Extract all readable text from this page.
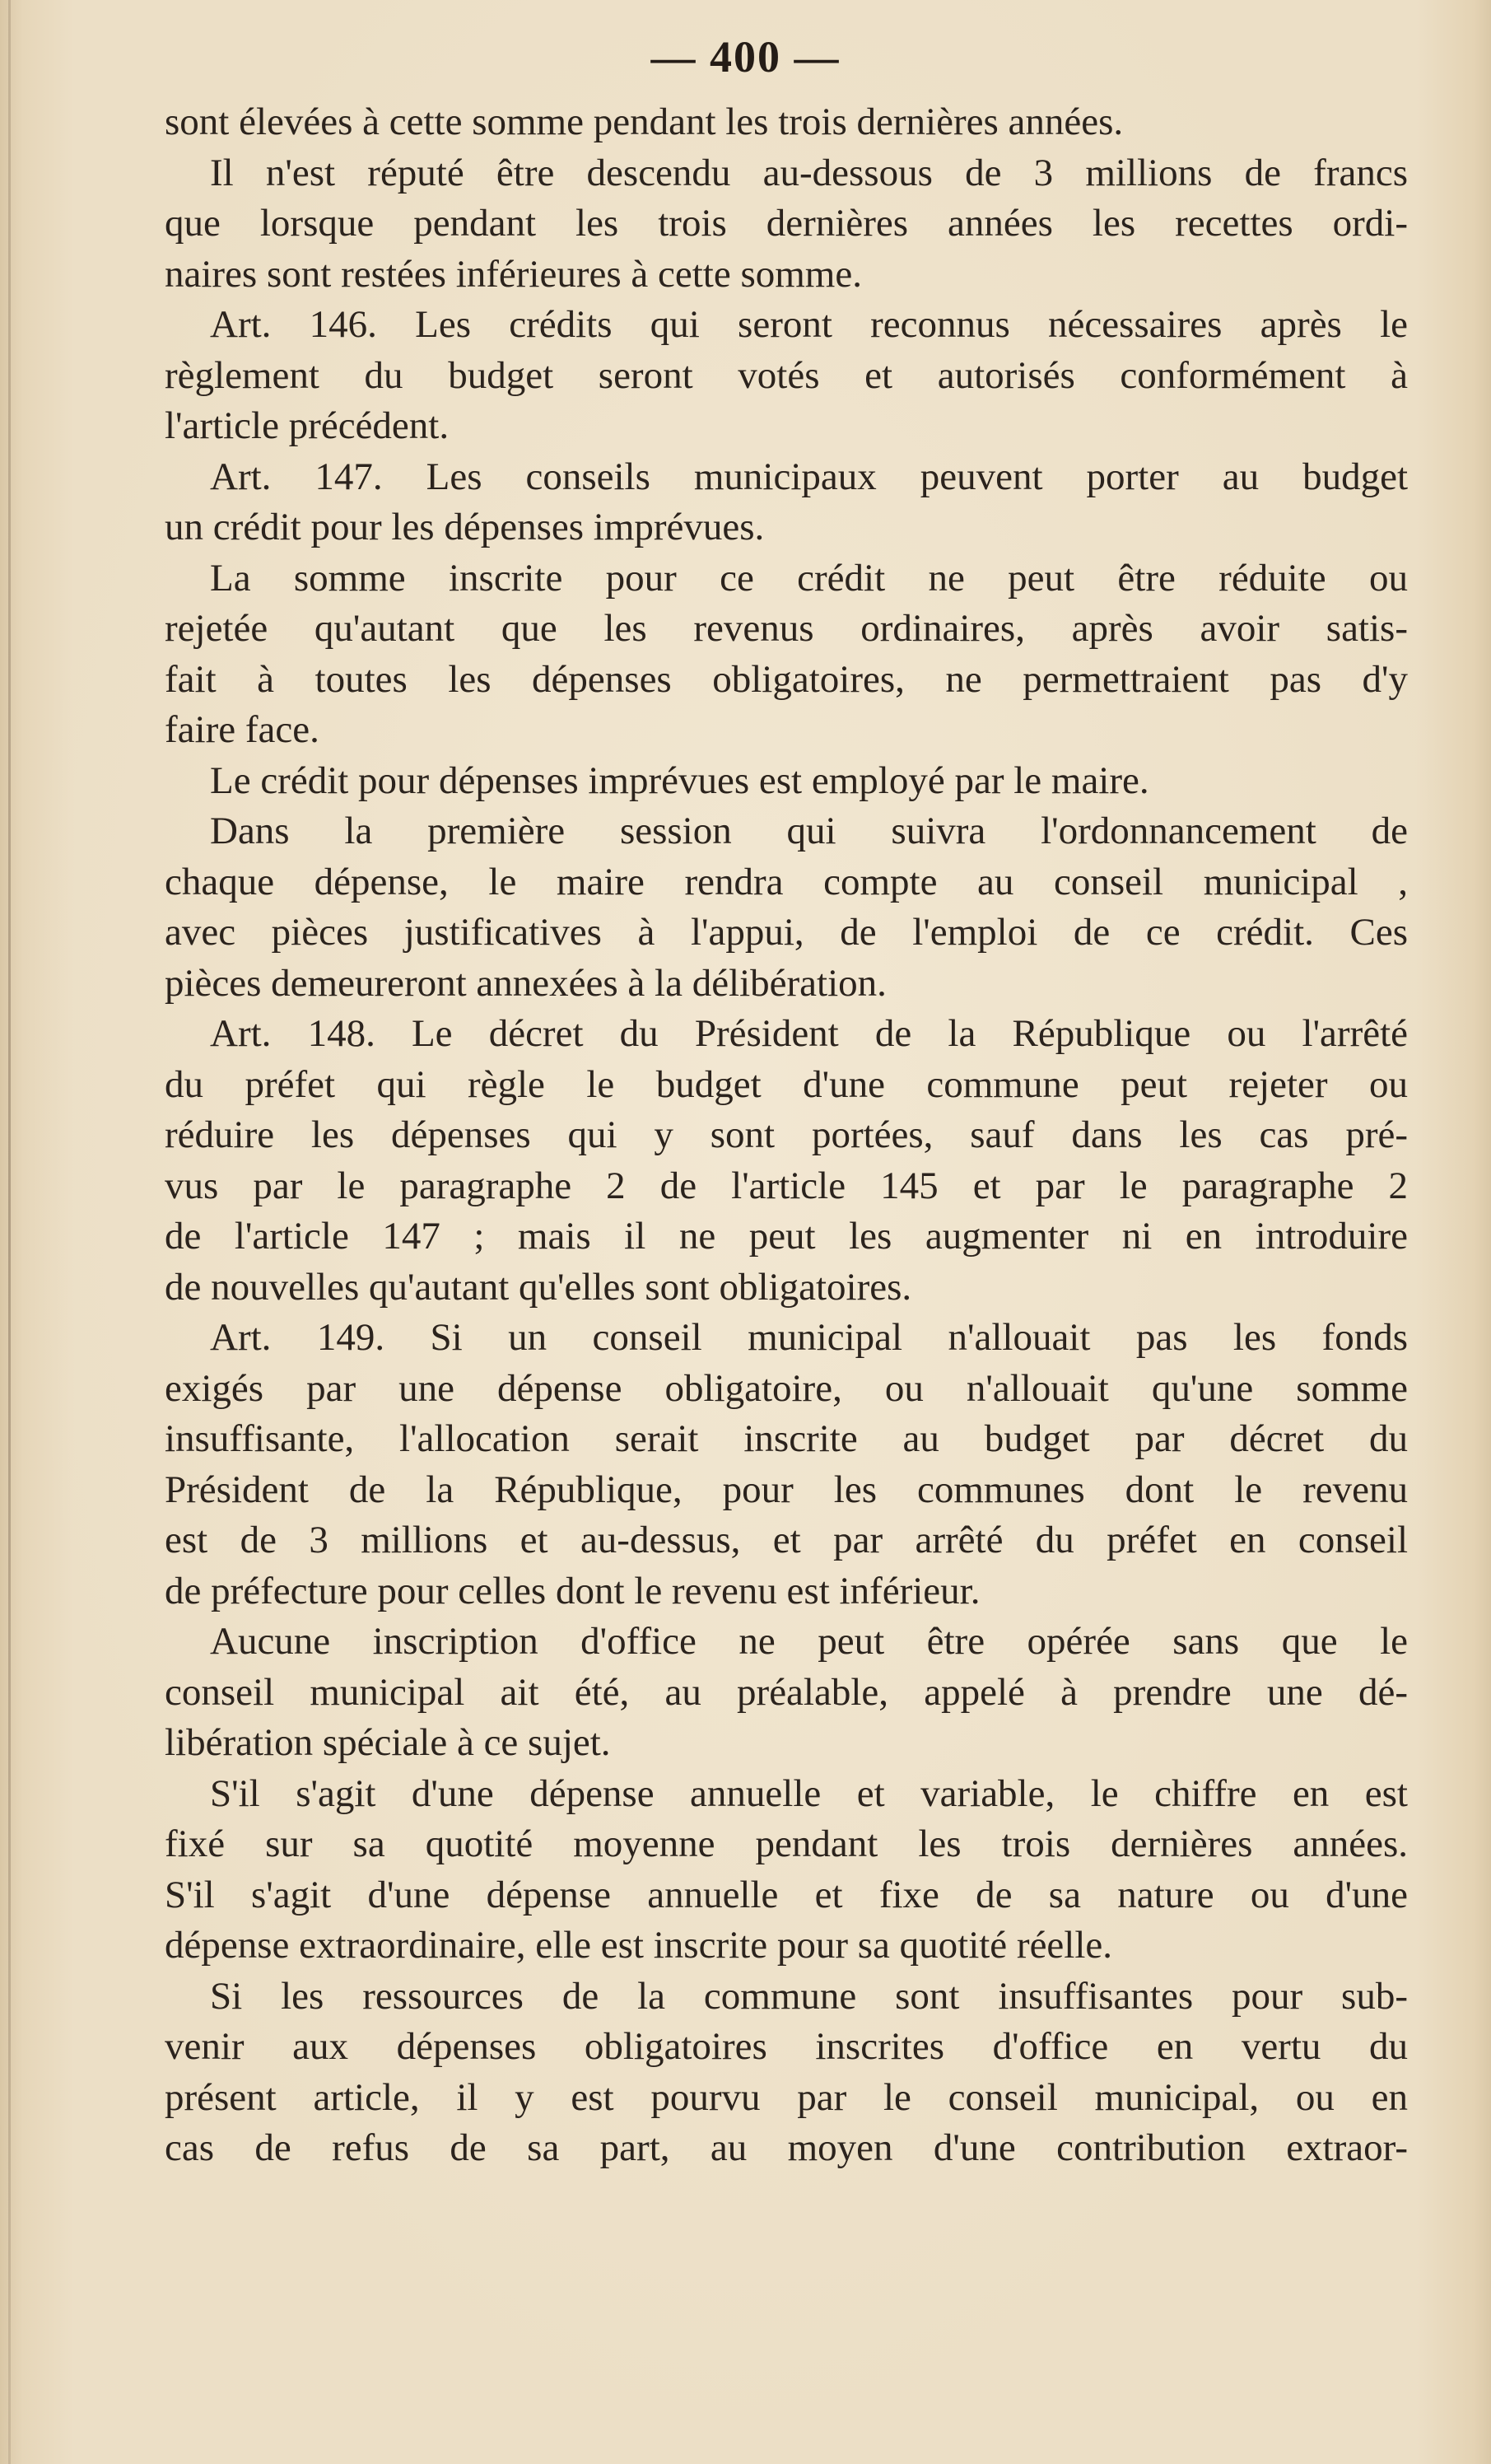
— 400 —
sont élevées à cette somme pendant les trois dernières années.
Il n'est réputé être descendu au-dessous de 3 millions de francs
que lorsque pendant les trois dernières années les recettes ordi-
naires sont restées inférieures à cette somme.
Art. 146. Les crédits qui seront reconnus nécessaires après le
règlement du budget seront votés et autorisés conformément à
l'article précédent.
Art. 147. Les conseils municipaux peuvent porter au budget
un crédit pour les dépenses imprévues.
La somme inscrite pour ce crédit ne peut être réduite ou
rejetée qu'autant que les revenus ordinaires, après avoir satis-
fait à toutes les dépenses obligatoires, ne permettraient pas d'y
faire face.
Le crédit pour dépenses imprévues est employé par le maire.
Dans la première session qui suivra l'ordonnancement de
chaque dépense, le maire rendra compte au conseil municipal ,
avec pièces justificatives à l'appui, de l'emploi de ce crédit. Ces
pièces demeureront annexées à la délibération.
Art. 148. Le décret du Président de la République ou l'arrêté
du préfet qui règle le budget d'une commune peut rejeter ou
réduire les dépenses qui y sont portées, sauf dans les cas pré-
vus par le paragraphe 2 de l'article 145 et par le paragraphe 2
de l'article 147 ; mais il ne peut les augmenter ni en introduire
de nouvelles qu'autant qu'elles sont obligatoires.
Art. 149. Si un conseil municipal n'allouait pas les fonds
exigés par une dépense obligatoire, ou n'allouait qu'une somme
insuffisante, l'allocation serait inscrite au budget par décret du
Président de la République, pour les communes dont le revenu
est de 3 millions et au-dessus, et par arrêté du préfet en conseil
de préfecture pour celles dont le revenu est inférieur.
Aucune inscription d'office ne peut être opérée sans que le
conseil municipal ait été, au préalable, appelé à prendre une dé-
libération spéciale à ce sujet.
S'il s'agit d'une dépense annuelle et variable, le chiffre en est
fixé sur sa quotité moyenne pendant les trois dernières années.
S'il s'agit d'une dépense annuelle et fixe de sa nature ou d'une
dépense extraordinaire, elle est inscrite pour sa quotité réelle.
Si les ressources de la commune sont insuffisantes pour sub-
venir aux dépenses obligatoires inscrites d'office en vertu du
présent article, il y est pourvu par le conseil municipal, ou en
cas de refus de sa part, au moyen d'une contribution extraor-
